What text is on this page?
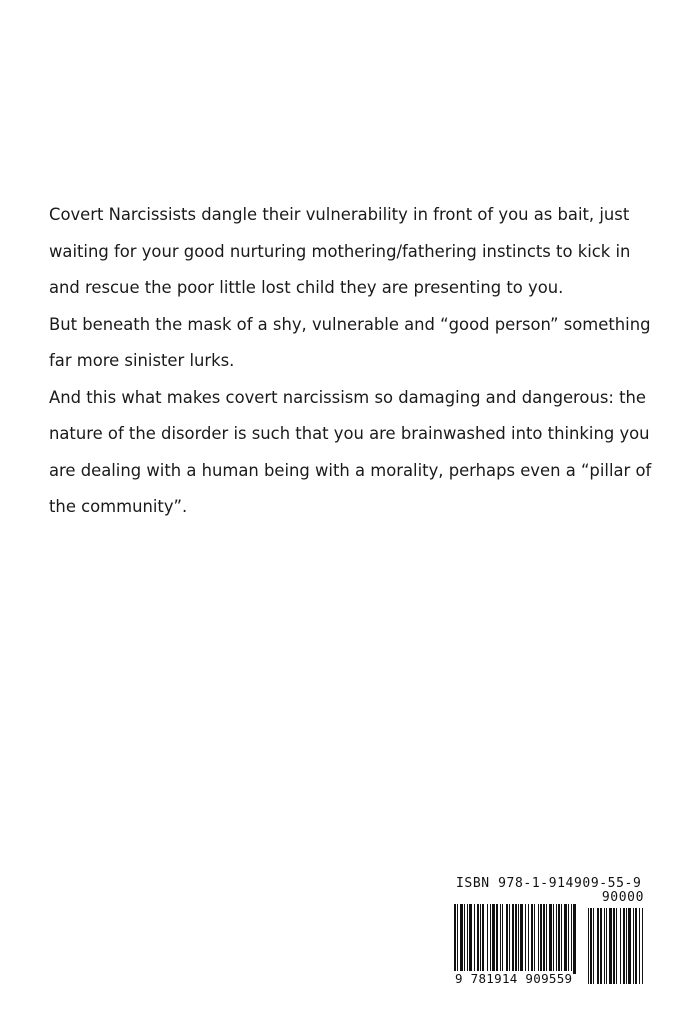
Covert Narcissists dangle their vulnerability in front of you as bait, just waiting for your good nurturing mothering/fathering instincts to kick in and rescue the poor little lost child they are presenting to you.

But beneath the mask of a shy, vulnerable and “good person” something far more sinister lurks.

And this what makes covert narcissism so damaging and dangerous: the nature of the disorder is such that you are brainwashed into thinking you are dealing with a human being with a morality, perhaps even a “pillar of the community”.

ISBN 978-1-914909-55-9
90000
9 781914 909559
